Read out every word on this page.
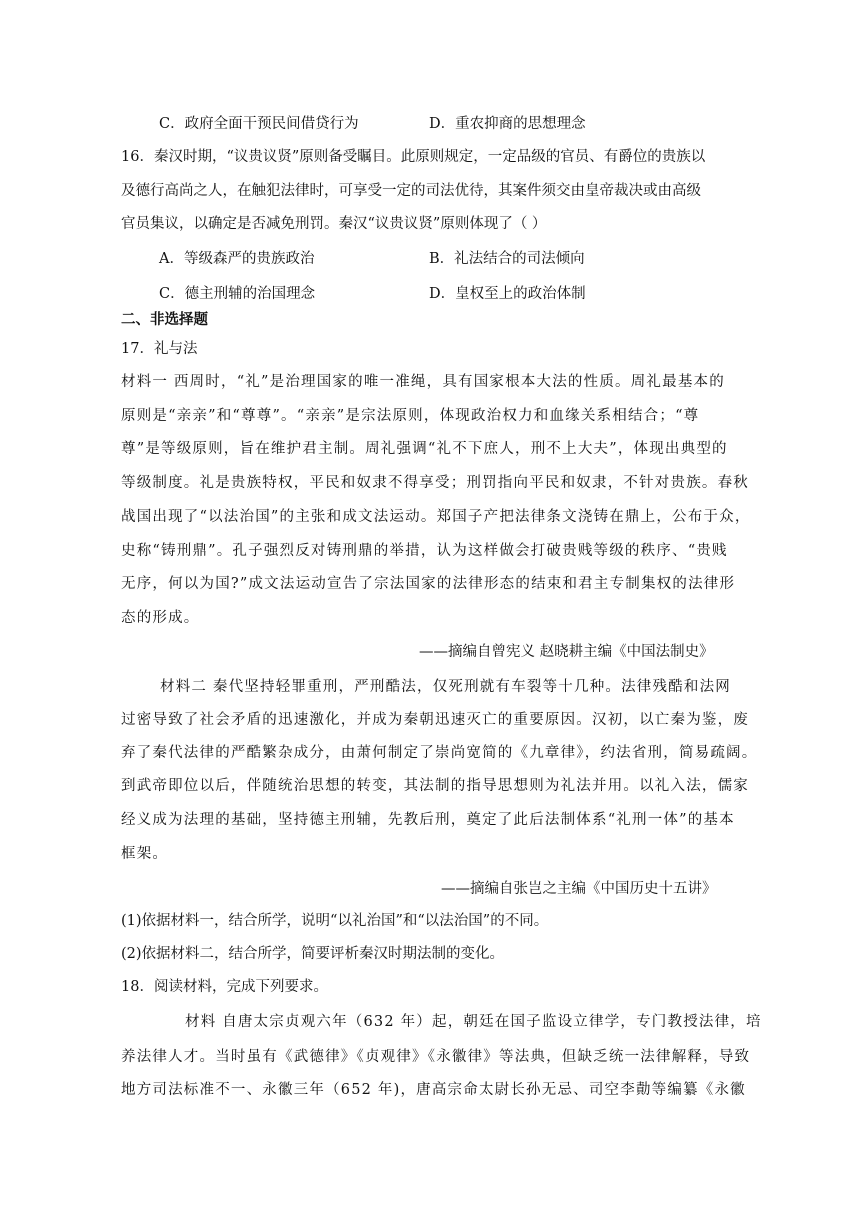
C．政府全面干预民间借贷行为	D．重农抑商的思想理念
16．秦汉时期，“议贵议贤”原则备受瞩目。此原则规定，一定品级的官员、有爵位的贵族以
及德行高尚之人，在触犯法律时，可享受一定的司法优待，其案件须交由皇帝裁决或由高级
官员集议，以确定是否减免刑罚。秦汉“议贵议贤”原则体现了（ ）
A．等级森严的贵族政治	B．礼法结合的司法倾向
C．德主刑辅的治国理念	D．皇权至上的政治体制
二、非选择题
17．礼与法
材料一 西周时，“礼”是治理国家的唯一准绳，具有国家根本大法的性质。周礼最基本的
原则是“亲亲”和“尊尊”。“亲亲”是宗法原则，体现政治权力和血缘关系相结合；“尊
尊”是等级原则，旨在维护君主制。周礼强调“礼不下庶人，刑不上大夫”，体现出典型的
等级制度。礼是贵族特权，平民和奴隶不得享受；刑罚指向平民和奴隶，不针对贵族。春秋
战国出现了“以法治国”的主张和成文法运动。郑国子产把法律条文浇铸在鼎上，公布于众，
史称“铸刑鼎”。孔子强烈反对铸刑鼎的举措，认为这样做会打破贵贱等级的秩序、“贵贱
无序，何以为国?”成文法运动宣告了宗法国家的法律形态的结束和君主专制集权的法律形
态的形成。
——摘编自曾宪义 赵晓耕主编《中国法制史》
材料二 秦代坚持轻罪重刑，严刑酷法，仅死刑就有车裂等十几种。法律残酷和法网
过密导致了社会矛盾的迅速激化，并成为秦朝迅速灭亡的重要原因。汉初，以亡秦为鉴，废
弃了秦代法律的严酷繁杂成分，由萧何制定了崇尚宽简的《九章律》，约法省刑，简易疏阔。
到武帝即位以后，伴随统治思想的转变，其法制的指导思想则为礼法并用。以礼入法，儒家
经义成为法理的基础，坚持德主刑辅，先教后刑，奠定了此后法制体系“礼刑一体”的基本
框架。
——摘编自张岂之主编《中国历史十五讲》
(1)依据材料一，结合所学，说明“以礼治国”和“以法治国”的不同。
(2)依据材料二，结合所学，简要评析秦汉时期法制的变化。
18．阅读材料，完成下列要求。
材料 自唐太宗贞观六年（632 年）起，朝廷在国子监设立律学，专门教授法律，培
养法律人才。当时虽有《武德律》《贞观律》《永徽律》等法典，但缺乏统一法律解释，导致
地方司法标准不一、永徽三年（652 年)，唐高宗命太尉长孙无忌、司空李勣等编纂《永徽
